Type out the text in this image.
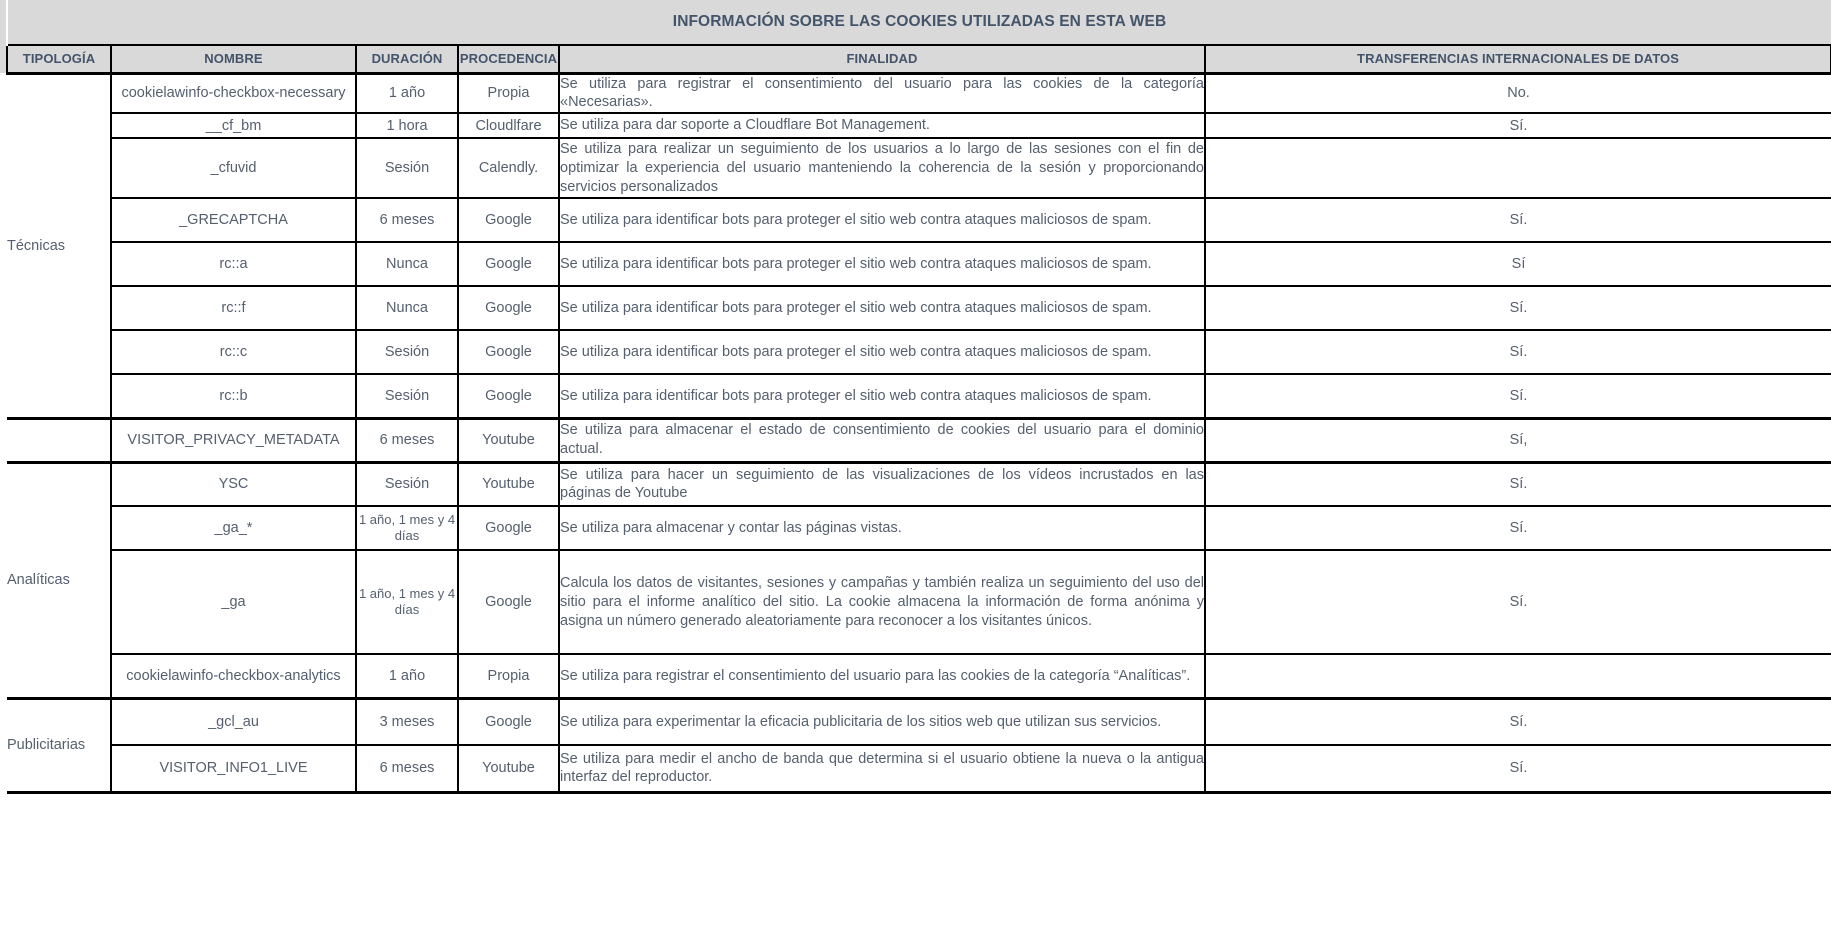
	INFORMACIÓN SOBRE LAS COOKIES UTILIZADAS EN ESTA WEB					
	TIPOLOGÍA	NOMBRE	DURACIÓN	PROCEDENCIA	FINALIDAD	TRANSFERENCIAS INTERNACIONALES DE DATOS
	Técnicas	cookielawinfo-checkbox-necessary	1 año	Propia	Se utiliza para registrar el consentimiento del usuario para las cookies de la categoría «Necesarias».	No.
		__cf_bm	1 hora	Cloudlfare	Se utiliza para dar soporte a Cloudflare Bot Management.	Sí.
		_cfuvid	Sesión	Calendly.	Se utiliza para realizar un seguimiento de los usuarios a lo largo de las sesiones con el fin de optimizar la experiencia del usuario manteniendo la coherencia de la sesión y proporcionando servicios personalizados	
		_GRECAPTCHA	6 meses	Google	Se utiliza para identificar bots para proteger el sitio web contra ataques maliciosos de spam.	Sí.
		rc::a	Nunca	Google	Se utiliza para identificar bots para proteger el sitio web contra ataques maliciosos de spam.	Sí
		rc::f	Nunca	Google	Se utiliza para identificar bots para proteger el sitio web contra ataques maliciosos de spam.	Sí.
		rc::c	Sesión	Google	Se utiliza para identificar bots para proteger el sitio web contra ataques maliciosos de spam.	Sí.
		rc::b	Sesión	Google	Se utiliza para identificar bots para proteger el sitio web contra ataques maliciosos de spam.	Sí.
		VISITOR_PRIVACY_METADATA	6 meses	Youtube	Se utiliza para almacenar el estado de consentimiento de cookies del usuario para el dominio actual.	Sí,
	Analíticas	YSC	Sesión	Youtube	Se utiliza para hacer un seguimiento de las visualizaciones de los vídeos incrustados en las páginas de Youtube	Sí.
		_ga_*	1 año, 1 mes y 4 días	Google	Se utiliza para almacenar y contar las páginas vistas.	Sí.
		_ga	1 año, 1 mes y 4 días	Google	Calcula los datos de visitantes, sesiones y campañas y también realiza un seguimiento del uso del sitio para el informe analítico del sitio. La cookie almacena la información de forma anónima y asigna un número generado aleatoriamente para reconocer a los visitantes únicos.	Sí.
		cookielawinfo-checkbox-analytics	1 año	Propia	Se utiliza para registrar el consentimiento del usuario para las cookies de la categoría “Analíticas”.	
	Publicitarias	_gcl_au	3 meses	Google	Se utiliza para experimentar la eficacia publicitaria de los sitios web que utilizan sus servicios.	Sí.
		VISITOR_INFO1_LIVE	6 meses	Youtube	Se utiliza para medir el ancho de banda que determina si el usuario obtiene la nueva o la antigua interfaz del reproductor.	Sí.
